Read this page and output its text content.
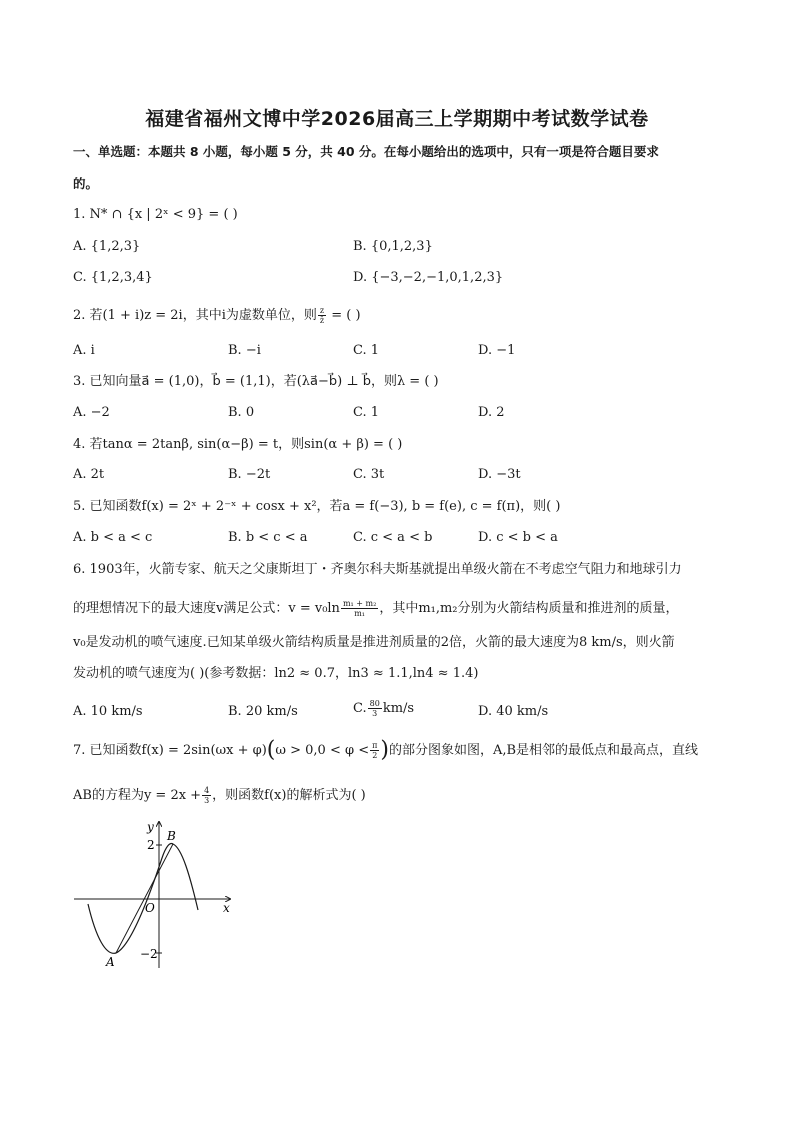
福建省福州文博中学2026届高三上学期期中考试数学试卷
一、单选题：本题共 8 小题，每小题 5 分，共 40 分。在每小题给出的选项中，只有一项是符合题目要求
的。
1. N* ∩ {x | 2ˣ < 9} = ( )
A. {1,2,3}	B. {0,1,2,3}
C. {1,2,3,4}	D. {−3,−2,−1,0,1,2,3}
2. 若(1 + i)z = 2i，其中i为虚数单位，则 $\frac{z}{z̄}$ = ( )
A. i	B. −i	C. 1	D. −1
3. 已知向量a⃗ = (1,0)，b⃗ = (1,1)，若(λa⃗−b⃗) ⊥ b⃗，则λ = ( )
A. −2	B. 0	C. 1	D. 2
4. 若tanα = 2tanβ, sin(α−β) = t，则sin(α + β) = ( )
A. 2t	B. −2t	C. 3t	D. −3t
5. 已知函数f(x) = 2ˣ + 2⁻ˣ + cosx + x²，若a = f(−3), b = f(e), c = f(π)，则( )
A. b < a < c	B. b < c < a	C. c < a < b	D. c < b < a
6. 1903年，火箭专家、航天之父康斯坦丁・齐奥尔科夫斯基就提出单级火箭在不考虑空气阻力和地球引力
的理想情况下的最大速度v满足公式：$v = v_0\ln \frac{\text{m₁ + m₂}}{\text{m₁}}$ ，其中m₁,m₂分别为火箭结构质量和推进剂的质量，
v₀是发动机的喷气速度.已知某单级火箭结构质量是推进剂质量的2倍，火箭的最大速度为8 km/s，则火箭
发动机的喷气速度为( )(参考数据：ln2 ≈ 0.7，ln3 ≈ 1.1,ln4 ≈ 1.4)
A. 10 km/s	B. 20 km/s	C. $\frac{80}{3} km/s$	D. 40 km/s
7. 已知函数$f(x) = 2\sin(\omega x + \varphi)(\omega > 0,0 < \varphi < \frac{\pi}{2}$ )的部分图象如图，A,B是相邻的最低点和最高点，直线
AB的方程为$y = 2x + \frac{4}{3}$ ，则函数f(x)的解析式为( )
y
x
O
2
−2
A
B
